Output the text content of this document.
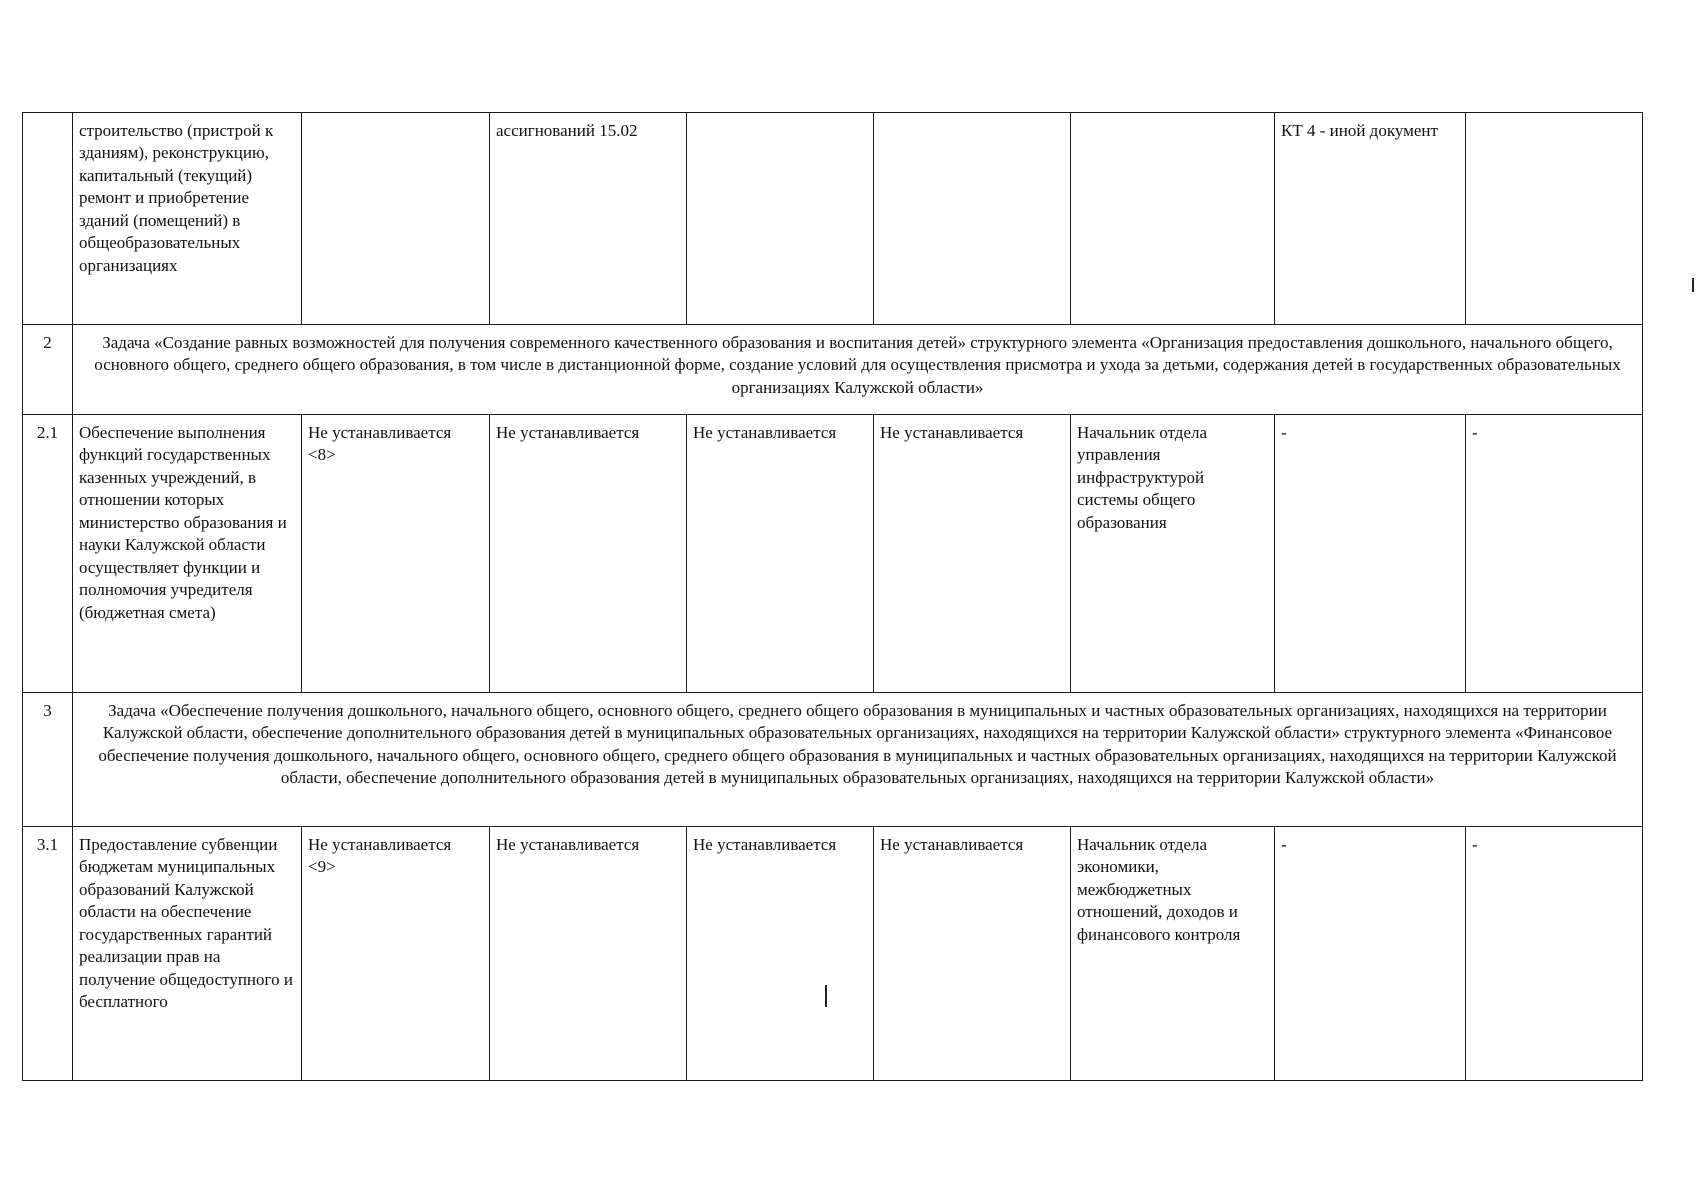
	строительство (пристрой к зданиям), реконструкцию, капитальный (текущий) ремонт и приобретение зданий (помещений) в общеобразовательных организациях		ассигнований 15.02				КТ 4 - иной документ	
2	Задача «Создание равных возможностей для получения современного качественного образования и воспитания детей» структурного элемента «Организация предоставления дошкольного, начального общего, основного общего, среднего общего образования, в том числе в дистанционной форме, создание условий для осуществления присмотра и ухода за детьми, содержания детей в государственных образовательных организациях Калужской области»							
2.1	Обеспечение выполнения функций государственных казенных учреждений, в отношении которых министерство образования и науки Калужской области осуществляет функции и полномочия учредителя (бюджетная смета)	Не устанавливается <8>	Не устанавливается	Не устанавливается	Не устанавливается	Начальник отдела управления инфраструктурой системы общего образования	-	-
3	Задача «Обеспечение получения дошкольного, начального общего, основного общего, среднего общего образования в муниципальных и частных образовательных организациях, находящихся на территории Калужской области, обеспечение дополнительного образования детей в муниципальных образовательных организациях, находящихся на территории Калужской области» структурного элемента «Финансовое обеспечение получения дошкольного, начального общего, основного общего, среднего общего образования в муниципальных и частных образовательных организациях, находящихся на территории Калужской области, обеспечение дополнительного образования детей в муниципальных образовательных организациях, находящихся на территории Калужской области»							
3.1	Предоставление субвенции бюджетам муниципальных образований Калужской области на обеспечение государственных гарантий реализации прав на получение общедоступного и бесплатного	Не устанавливается <9>	Не устанавливается	Не устанавливается	Не устанавливается	Начальник отдела экономики, межбюджетных отношений, доходов и финансового контроля	-	-
